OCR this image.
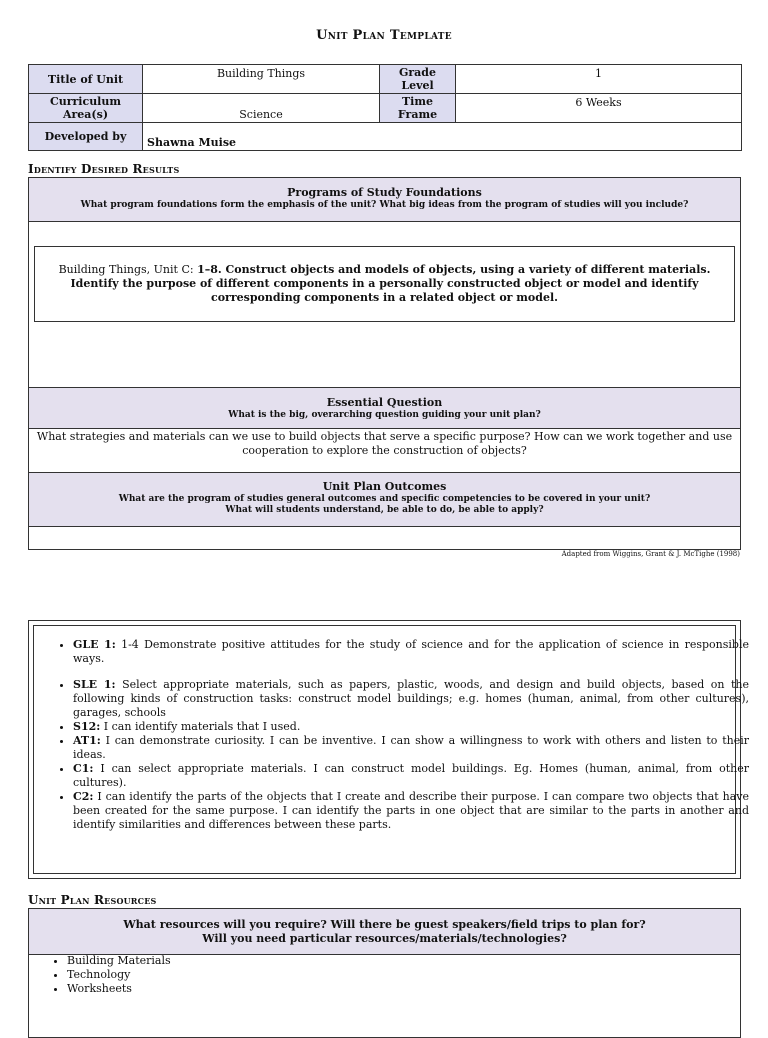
Unit Plan Template
Title of Unit	Building Things	Grade Level	1
Curriculum Area(s)	Science	Time Frame	6 Weeks
Developed by	Shawna Muise		
Identify Desired Results
Programs of Study Foundations
What program foundations form the emphasis of the unit? What big ideas from the program of studies will you include?
Building Things, Unit C: 1–8. Construct objects and models of objects, using a variety of different materials. Identify the purpose of different components in a personally constructed object or model and identify corresponding components in a related object or model.
Essential Question
What is the big, overarching question guiding your unit plan?
What strategies and materials can we use to build objects that serve a specific purpose? How can we work together and use cooperation to explore the construction of objects?
Unit Plan Outcomes
What are the program of studies general outcomes and specific competencies to be covered in your unit?
What will students understand, be able to do, be able to apply?
Adapted from Wiggins, Grant & J. McTighe (1998)
• GLE 1: 1-4 Demonstrate positive attitudes for the study of science and for the application of science in responsible ways.
• SLE 1: Select appropriate materials, such as papers, plastic, woods, and design and build objects, based on the following kinds of construction tasks: construct model buildings; e.g. homes (human, animal, from other cultures), garages, schools
• S12: I can identify materials that I used.
• AT1: I can demonstrate curiosity. I can be inventive. I can show a willingness to work with others and listen to their ideas.
• C1: I can select appropriate materials. I can construct model buildings. Eg. Homes (human, animal, from other cultures).
• C2: I can identify the parts of the objects that I create and describe their purpose. I can compare two objects that have been created for the same purpose. I can identify the parts in one object that are similar to the parts in another and identify similarities and differences between these parts.
Unit Plan Resources
What resources will you require? Will there be guest speakers/field trips to plan for?
Will you need particular resources/materials/technologies?
• Building Materials
• Technology
• Worksheets
